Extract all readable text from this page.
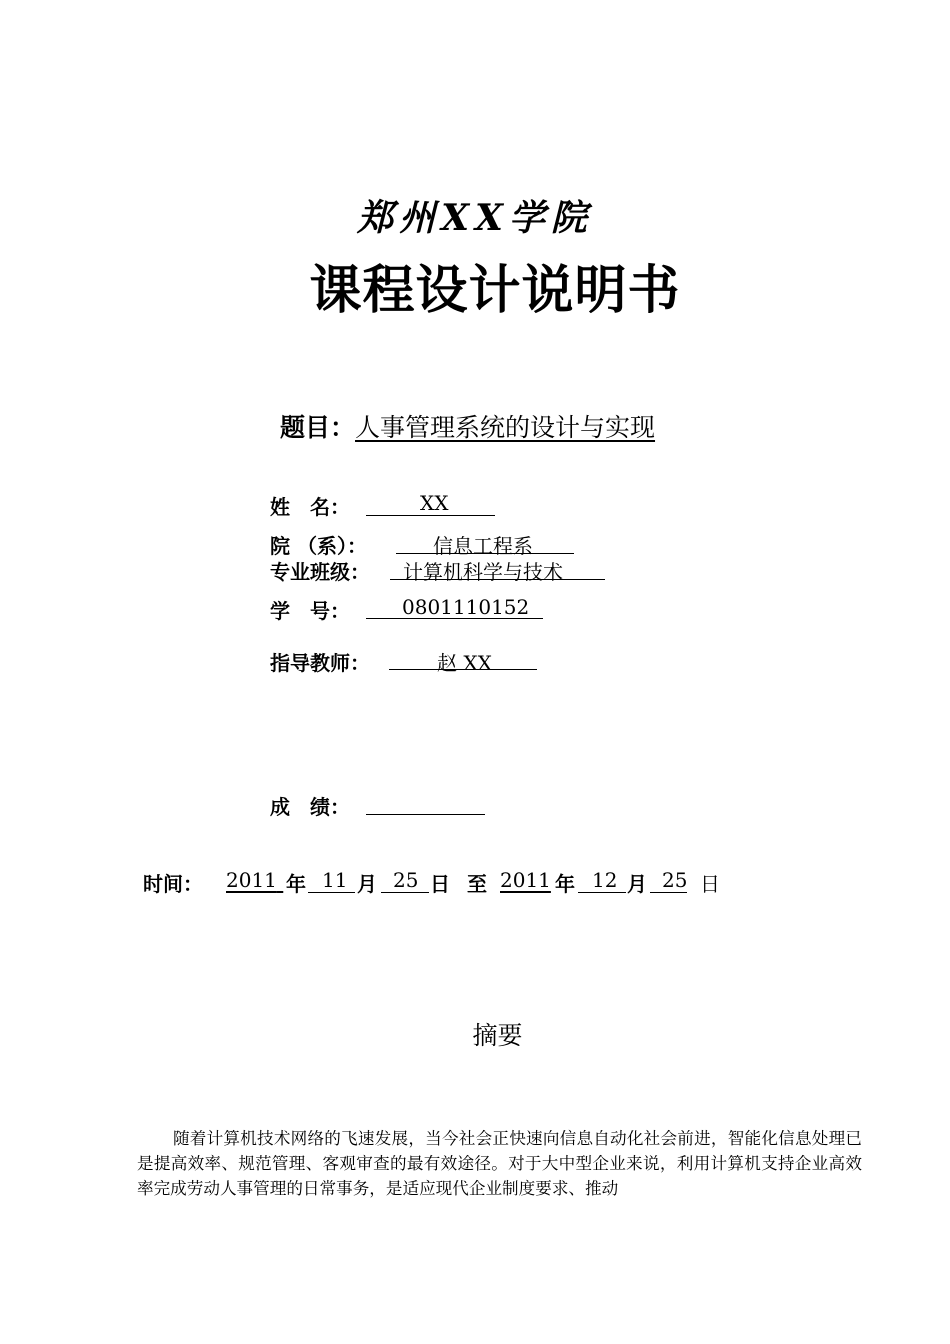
郑州XX学院
课程设计说明书
题目：人事管理系统的设计与实现
姓　名：	XX
院 （系）：	信息工程系
专业班级： 计算机科学与技术
学　号：	0801110152
指导教师：	赵 XX
成　绩：
时间： 2011 年 11 月 25 日 至 2011 年 12 月 25 日
摘要
随着计算机技术网络的飞速发展，当今社会正快速向信息自动化社会前进，智能化信息处理已是提高效率、规范管理、客观审查的最有效途径。对于大中型企业来说，利用计算机支持企业高效率完成劳动人事管理的日常事务，是适应现代企业制度要求、推动
